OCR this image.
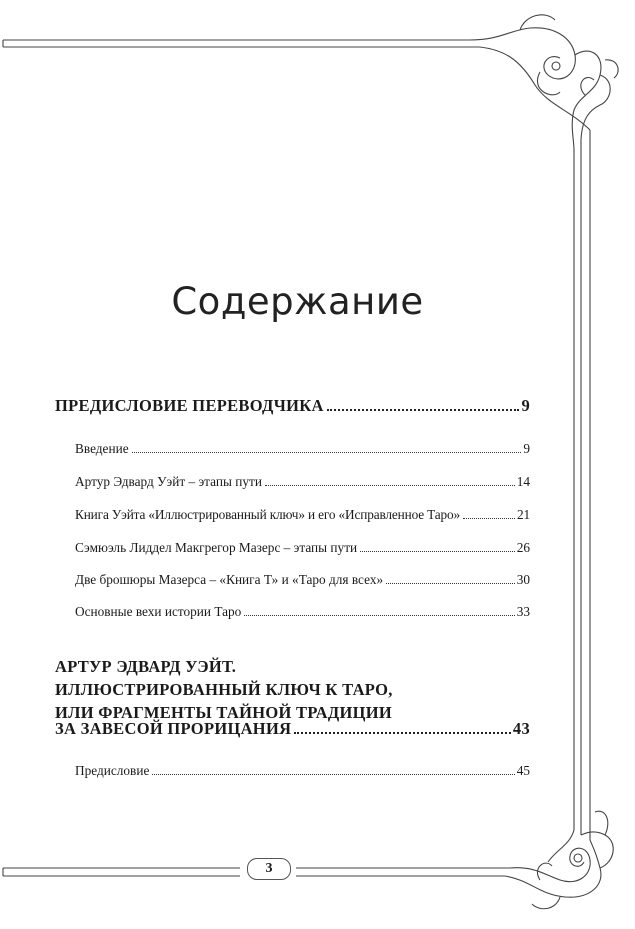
Содержание
ПРЕДИСЛОВИЕ ПЕРЕВОДЧИКА	9
Введение	9
Артур Эдвард Уэйт – этапы пути	14
Книга Уэйта «Иллюстрированный ключ» и его «Исправленное Таро»	21
Сэмюэль Лиддел Макгрегор Мазерс – этапы пути	26
Две брошюры Мазерса – «Книга Т» и «Таро для всех»	30
Основные вехи истории Таро	33
АРТУР ЭДВАРД УЭЙТ.
ИЛЛЮСТРИРОВАННЫЙ КЛЮЧ К ТАРО,
ИЛИ ФРАГМЕНТЫ ТАЙНОЙ ТРАДИЦИИ
ЗА ЗАВЕСОЙ ПРОРИЦАНИЯ	43
Предисловие	45
3
